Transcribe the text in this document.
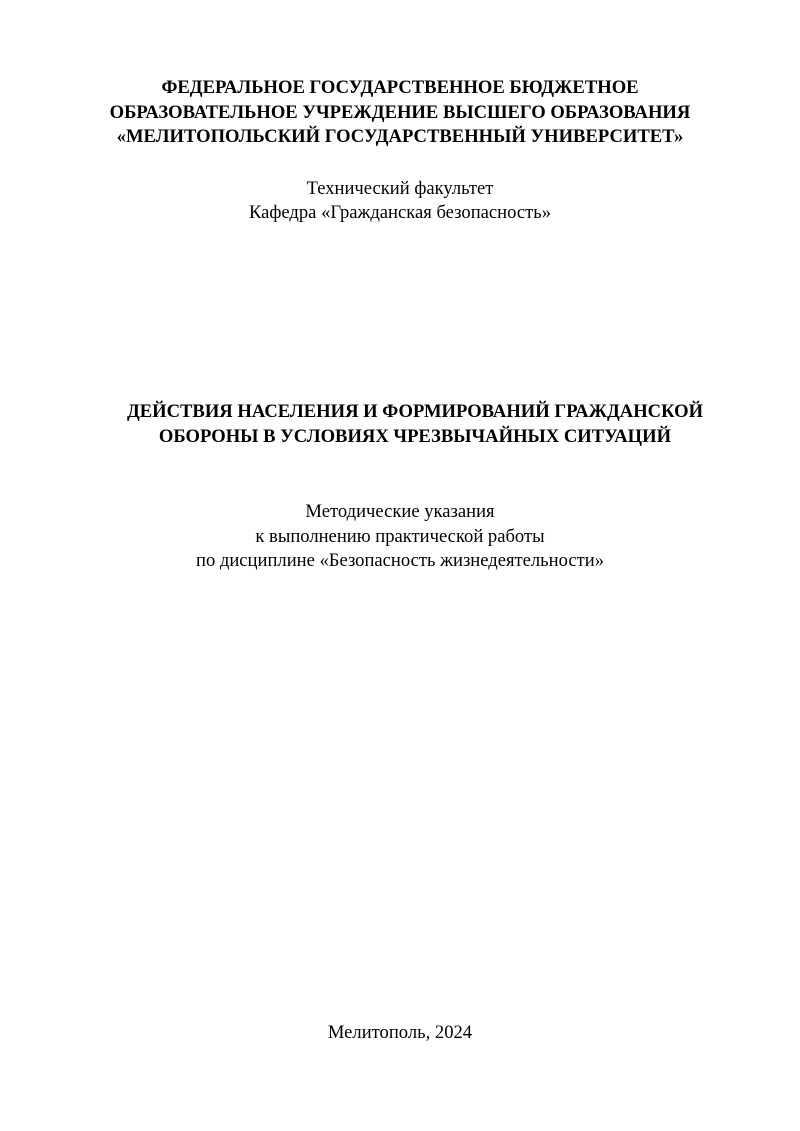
ФЕДЕРАЛЬНОЕ ГОСУДАРСТВЕННОЕ БЮДЖЕТНОЕ
ОБРАЗОВАТЕЛЬНОЕ УЧРЕЖДЕНИЕ ВЫСШЕГО ОБРАЗОВАНИЯ
«МЕЛИТОПОЛЬСКИЙ ГОСУДАРСТВЕННЫЙ УНИВЕРСИТЕТ»
Технический факультет
Кафедра «Гражданская безопасность»
ДЕЙСТВИЯ НАСЕЛЕНИЯ И ФОРМИРОВАНИЙ ГРАЖДАНСКОЙ
ОБОРОНЫ В УСЛОВИЯХ ЧРЕЗВЫЧАЙНЫХ СИТУАЦИЙ
Методические указания
к выполнению практической работы
по дисциплине «Безопасность жизнедеятельности»
Мелитополь, 2024
